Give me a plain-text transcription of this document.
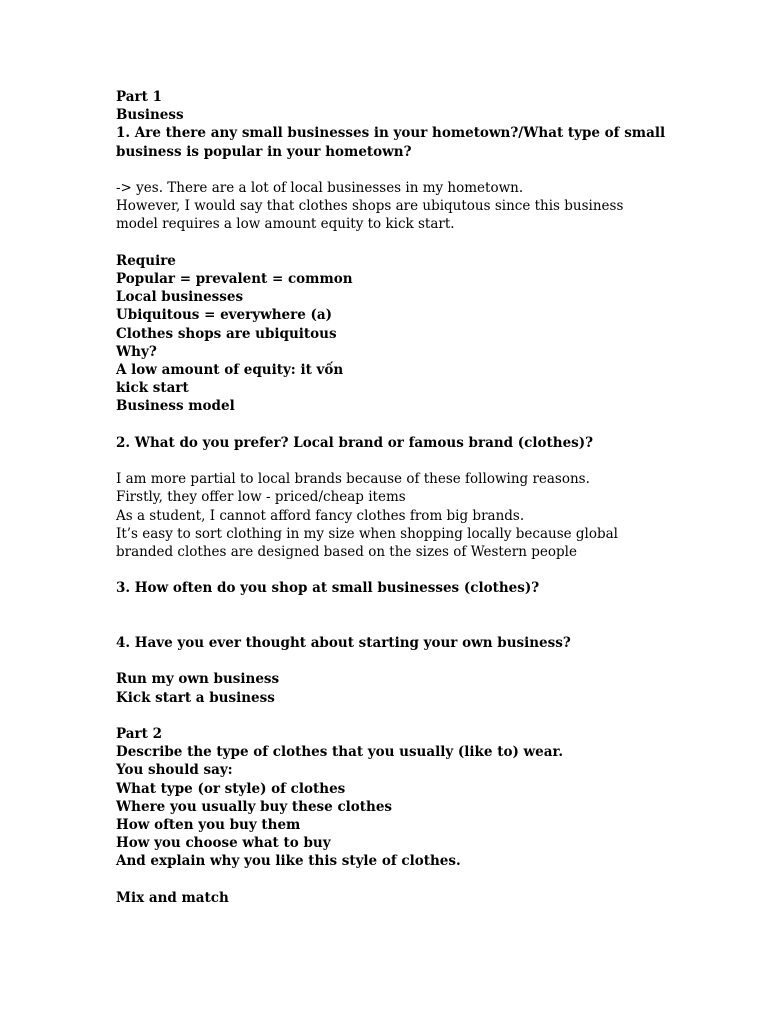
Part 1
Business
1. Are there any small businesses in your hometown?/What type of small
business is popular in your hometown?
-> yes. There are a lot of local businesses in my hometown.
However, I would say that clothes shops are ubiqutous since this business
model requires a low amount equity to kick start.
Require
Popular = prevalent = common
Local businesses
Ubiquitous = everywhere (a)
Clothes shops are ubiquitous
Why?
A low amount of equity: it vốn
kick start
Business model
2. What do you prefer? Local brand or famous brand (clothes)?
I am more partial to local brands because of these following reasons.
Firstly, they offer low - priced/cheap items
As a student, I cannot afford fancy clothes from big brands.
It’s easy to sort clothing in my size when shopping locally because global
branded clothes are designed based on the sizes of Western people
3. How often do you shop at small businesses (clothes)?
4. Have you ever thought about starting your own business?
Run my own business
Kick start a business
Part 2
Describe the type of clothes that you usually (like to) wear.
You should say:
What type (or style) of clothes
Where you usually buy these clothes
How often you buy them
How you choose what to buy
And explain why you like this style of clothes.
Mix and match
